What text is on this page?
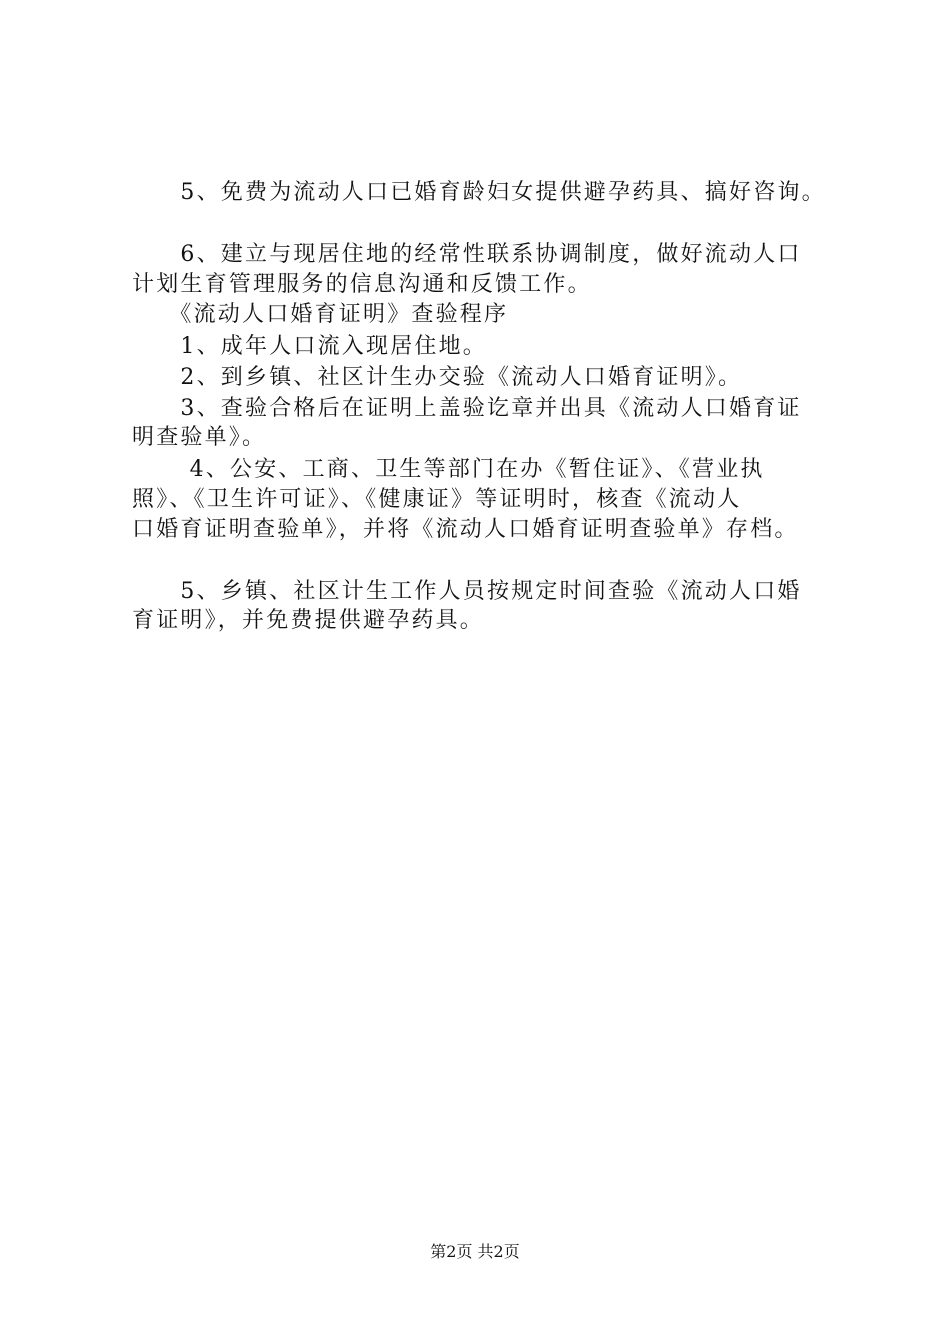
　　5、免费为流动人口已婚育龄妇女提供避孕药具、搞好咨询。
　　6、建立与现居住地的经常性联系协调制度，做好流动人口
计划生育管理服务的信息沟通和反馈工作。
　　《流动人口婚育证明》查验程序
　　1、成年人口流入现居住地。
　　2、到乡镇、社区计生办交验《流动人口婚育证明》。
　　3、查验合格后在证明上盖验讫章并出具《流动人口婚育证
明查验单》。
　　 4、公安、工商、卫生等部门在办《暂住证》、《营业执
照》、《卫生许可证》、《健康证》等证明时，核查《流动人
口婚育证明查验单》，并将《流动人口婚育证明查验单》存档。
　　5、乡镇、社区计生工作人员按规定时间查验《流动人口婚
育证明》，并免费提供避孕药具。
第2页 共2页
